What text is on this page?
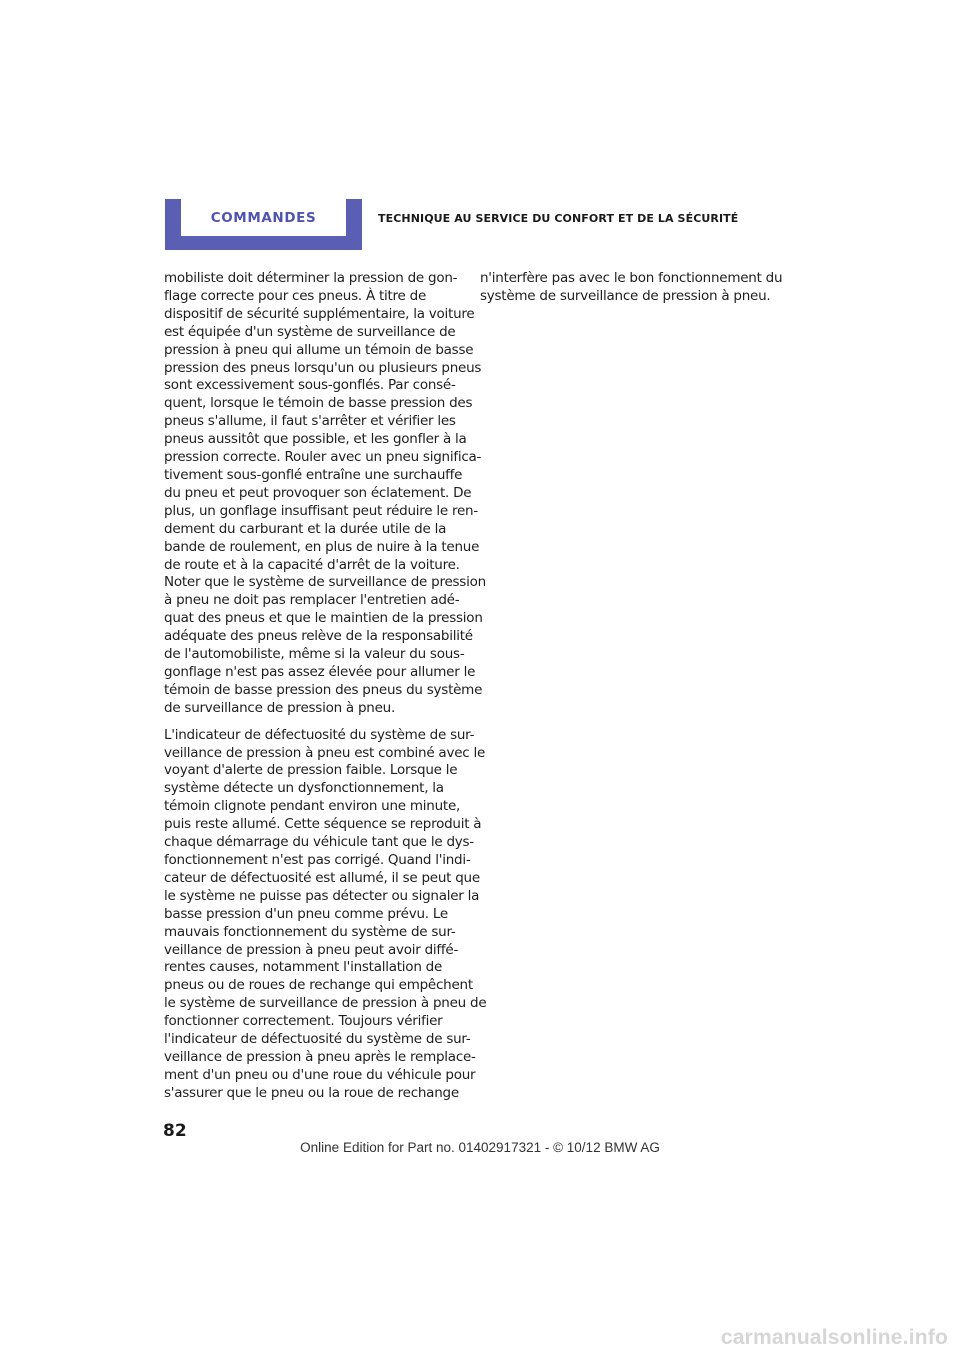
COMMANDES	TECHNIQUE AU SERVICE DU CONFORT ET DE LA SÉCURITÉ
mobiliste doit déterminer la pression de gon-
flage correcte pour ces pneus. À titre de
dispositif de sécurité supplémentaire, la voiture
est équipée d'un système de surveillance de
pression à pneu qui allume un témoin de basse
pression des pneus lorsqu'un ou plusieurs pneus
sont excessivement sous-gonflés. Par consé-
quent, lorsque le témoin de basse pression des
pneus s'allume, il faut s'arrêter et vérifier les
pneus aussitôt que possible, et les gonfler à la
pression correcte. Rouler avec un pneu significa-
tivement sous-gonflé entraîne une surchauffe
du pneu et peut provoquer son éclatement. De
plus, un gonflage insuffisant peut réduire le ren-
dement du carburant et la durée utile de la
bande de roulement, en plus de nuire à la tenue
de route et à la capacité d'arrêt de la voiture.
Noter que le système de surveillance de pression
à pneu ne doit pas remplacer l'entretien adé-
quat des pneus et que le maintien de la pression
adéquate des pneus relève de la responsabilité
de l'automobiliste, même si la valeur du sous-
gonflage n'est pas assez élevée pour allumer le
témoin de basse pression des pneus du système
de surveillance de pression à pneu.
L'indicateur de défectuosité du système de sur-
veillance de pression à pneu est combiné avec le
voyant d'alerte de pression faible. Lorsque le
système détecte un dysfonctionnement, la
témoin clignote pendant environ une minute,
puis reste allumé. Cette séquence se reproduit à
chaque démarrage du véhicule tant que le dys-
fonctionnement n'est pas corrigé. Quand l'indi-
cateur de défectuosité est allumé, il se peut que
le système ne puisse pas détecter ou signaler la
basse pression d'un pneu comme prévu. Le
mauvais fonctionnement du système de sur-
veillance de pression à pneu peut avoir diffé-
rentes causes, notamment l'installation de
pneus ou de roues de rechange qui empêchent
le système de surveillance de pression à pneu de
fonctionner correctement. Toujours vérifier
l'indicateur de défectuosité du système de sur-
veillance de pression à pneu après le remplace-
ment d'un pneu ou d'une roue du véhicule pour
s'assurer que le pneu ou la roue de rechange
n'interfère pas avec le bon fonctionnement du
système de surveillance de pression à pneu.
82
Online Edition for Part no. 01402917321 - © 10/12 BMW AG
carmanualsonline.info
